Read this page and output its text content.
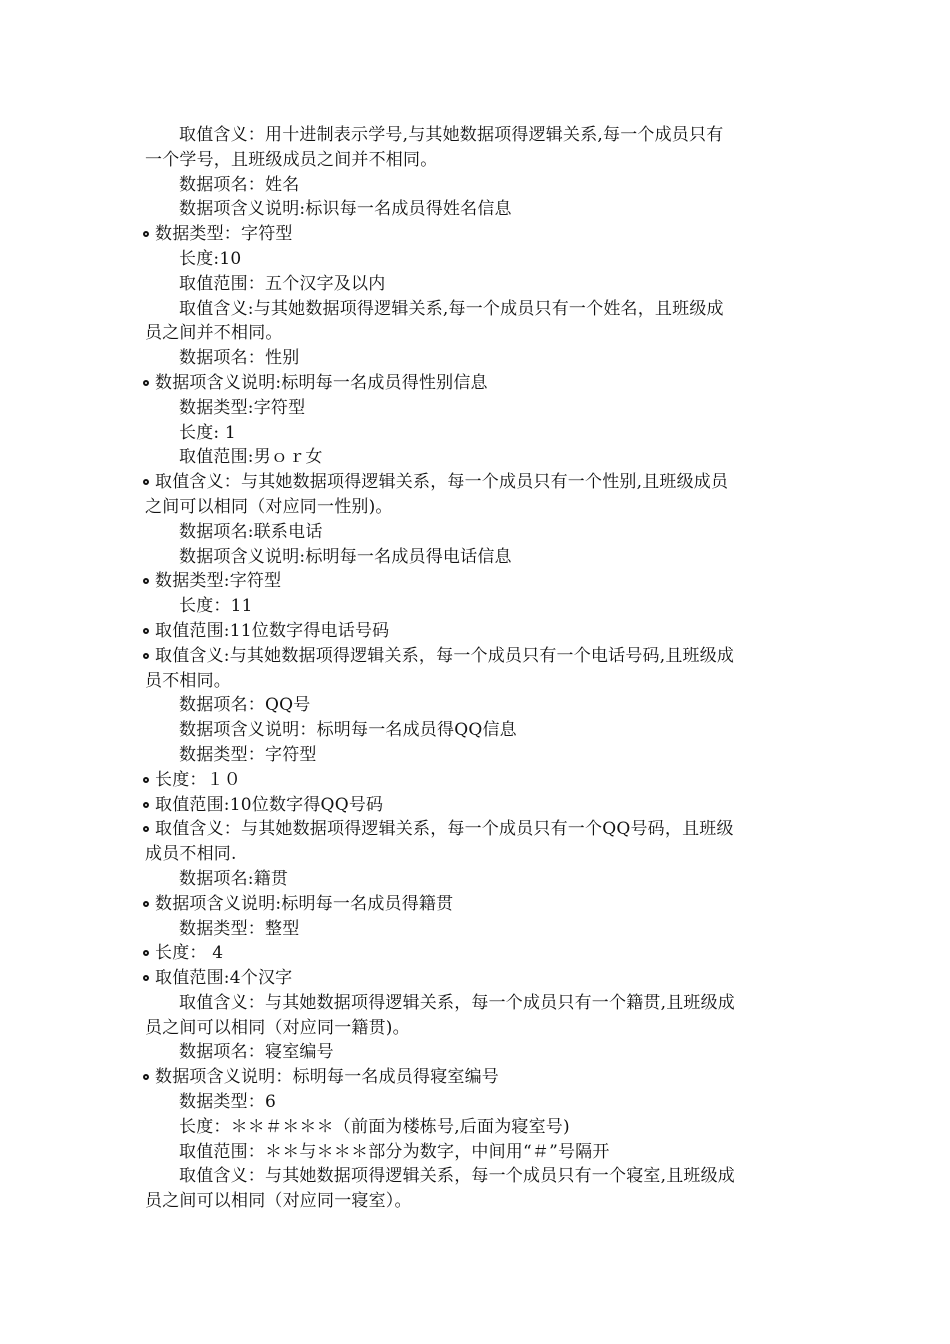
取值含义：用十进制表示学号,与其她数据项得逻辑关系,每一个成员只有
一个学号，且班级成员之间并不相同。
数据项名：姓名
数据项含义说明:标识每一名成员得姓名信息
数据类型：字符型
长度:10
取值范围：五个汉字及以内
取值含义:与其她数据项得逻辑关系,每一个成员只有一个姓名，且班级成
员之间并不相同。
数据项名：性别
数据项含义说明:标明每一名成员得性别信息
数据类型:字符型
长度: 1
取值范围:男ｏｒ女
取值含义：与其她数据项得逻辑关系，每一个成员只有一个性别,且班级成员
之间可以相同（对应同一性别)。
数据项名:联系电话
数据项含义说明:标明每一名成员得电话信息
数据类型:字符型
长度：11
取值范围:11位数字得电话号码
取值含义:与其她数据项得逻辑关系，每一个成员只有一个电话号码,且班级成
员不相同。
数据项名：QQ号
数据项含义说明：标明每一名成员得QQ信息
数据类型：字符型
长度：１０
取值范围:10位数字得QQ号码
取值含义：与其她数据项得逻辑关系，每一个成员只有一个QQ号码，且班级
成员不相同.
数据项名:籍贯
数据项含义说明:标明每一名成员得籍贯
数据类型：整型
长度： 4
取值范围:4个汉字
取值含义：与其她数据项得逻辑关系，每一个成员只有一个籍贯,且班级成
员之间可以相同（对应同一籍贯)。
数据项名：寝室编号
数据项含义说明：标明每一名成员得寝室编号
数据类型：6
长度：＊＊＃＊＊＊（前面为楼栋号,后面为寝室号)
取值范围：＊＊与＊＊＊部分为数字，中间用“＃”号隔开
取值含义：与其她数据项得逻辑关系，每一个成员只有一个寝室,且班级成
员之间可以相同（对应同一寝室）。
